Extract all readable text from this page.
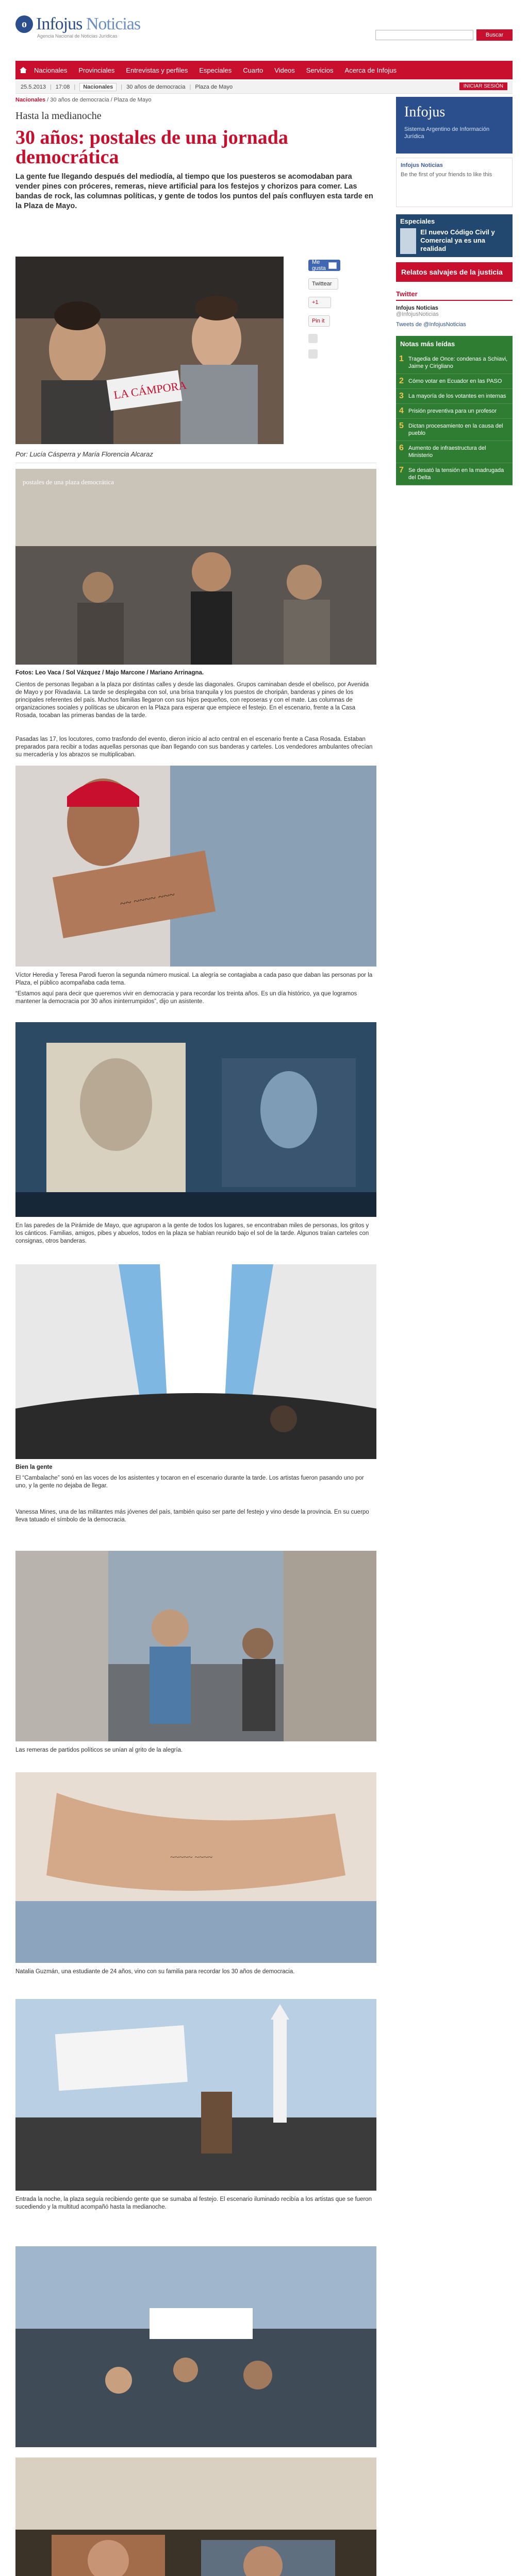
o Infojus Noticias
Agencia Nacional de Noticias Jurídicas	Buscar
Nacionales Provinciales Entrevistas y perfiles Especiales Cuarto Videos Servicios Acerca de Infojus
25.5.2013 | 17:08 |	Nacionales	| 30 años de democracia | Plaza de Mayo	INICIAR SESIÓN
Nacionales / 30 años de democracia / Plaza de Mayo
Hasta la medianoche
30 años: postales de una jornada democrática

La gente fue llegando después del mediodía, al tiempo que los puesteros se acomodaban para vender pines con próceres, remeras, nieve artificial para los festejos y chorizos para comer. Las bandas de rock, las columnas políticas, y gente de todos los puntos del país confluyen esta tarde en la Plaza de Mayo.

LA CÁMPORA
Me gusta	0
Twittear
+1
Pin it
Por: Lucía Cásperra y María Florencia Alcaraz
postales de una plaza democrática
Fotos: Leo Vaca / Sol Vázquez / Majo Marcone / Mariano Arrinagna.

Cientos de personas llegaban a la plaza por distintas calles y desde las diagonales. Grupos caminaban desde el obelisco, por Avenida de Mayo y por Rivadavia. La tarde se desplegaba con sol, una brisa tranquila y los puestos de choripán, banderas y pines de los principales referentes del país. Muchos familias llegaron con sus hijos pequeños, con reposeras y con el mate. Las columnas de organizaciones sociales y políticas se ubicaron en la Plaza para esperar que empiece el festejo. En el escenario, frente a la Casa Rosada, tocaban las primeras bandas de la tarde.

Pasadas las 17, los locutores, como trasfondo del evento, dieron inicio al acto central en el escenario frente a Casa Rosada. Estaban preparados para recibir a todas aquellas personas que iban llegando con sus banderas y carteles. Los vendedores ambulantes ofrecían su mercadería y los abrazos se multiplicaban.

~~ ~~~~ ~~~

Víctor Heredia y Teresa Parodi fueron la segunda número musical. La alegría se contagiaba a cada paso que daban las personas por la Plaza, el público acompañaba cada tema.

“Estamos aquí para decir que queremos vivir en democracia y para recordar los treinta años. Es un día histórico, ya que logramos mantener la democracia por 30 años ininterrumpidos”, dijo un asistente.

En las paredes de la Pirámide de Mayo, que agruparon a la gente de todos los lugares, se encontraban miles de personas, los gritos y los cánticos. Familias, amigos, pibes y abuelos, todos en la plaza se habían reunido bajo el sol de la tarde. Algunos traían carteles con consignas, otros banderas.

Bien la gente

El “Cambalache” sonó en las voces de los asistentes y tocaron en el escenario durante la tarde. Los artistas fueron pasando uno por uno, y la gente no dejaba de llegar.

Vanessa Mines, una de las militantes más jóvenes del país, también quiso ser parte del festejo y vino desde la provincia. En su cuerpo lleva tatuado el símbolo de la democracia.

Las remeras de partidos políticos se unían al grito de la alegría.

~~~~~ ~~~~

Natalia Guzmán, una estudiante de 24 años, vino con su familia para recordar los 30 años de democracia.

Entrada la noche, la plaza seguía recibiendo gente que se sumaba al festejo. El escenario iluminado recibía a los artistas que se fueron sucediendo y la multitud acompañó hasta la medianoche.

Infojus
Sistema Argentino de Información Jurídica
Infojus Noticias
Be the first of your friends to like this
Especiales
El nuevo Código Civil y Comercial ya es una realidad
Relatos salvajes de la justicia
Twitter
Infojus Noticias
@InfojusNoticias
Tweets de @InfojusNoticias
Notas más leídas
1 Tragedia de Once: condenas a Schiavi, Jaime y Cirigliano
2 Cómo votar en Ecuador en las PASO
3 La mayoría de los votantes en internas
4 Prisión preventiva para un profesor
5 Dictan procesamiento en la causa del pueblo
6 Aumento de infraestructura del Ministerio
7 Se desató la tensión en la madrugada del Delta
